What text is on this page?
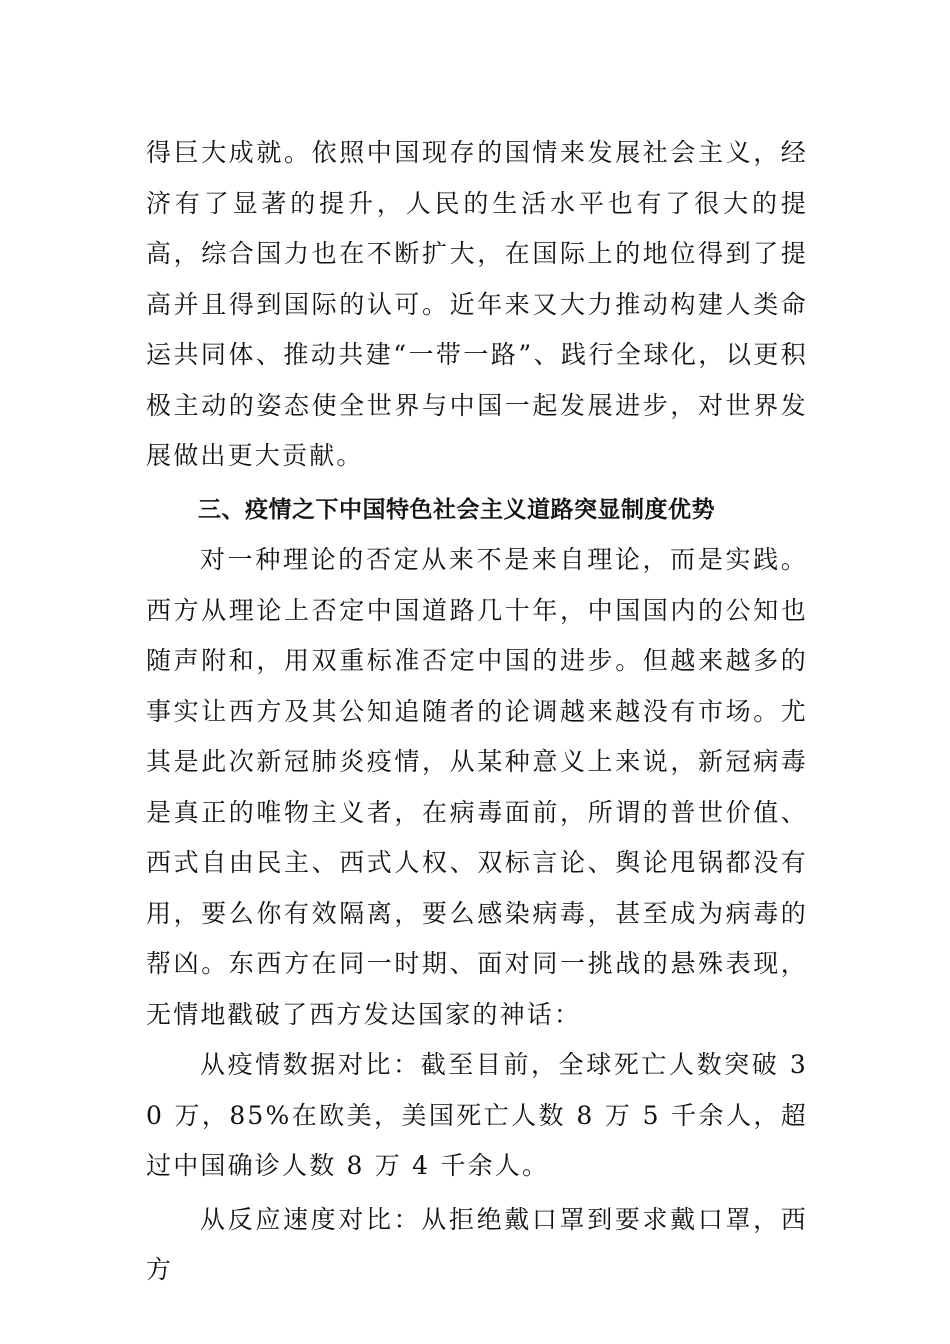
得巨大成就。依照中国现存的国情来发展社会主义，经济有了显著的提升，人民的生活水平也有了很大的提高，综合国力也在不断扩大，在国际上的地位得到了提高并且得到国际的认可。近年来又大力推动构建人类命运共同体、推动共建“一带一路”、践行全球化，以更积极主动的姿态使全世界与中国一起发展进步，对世界发展做出更大贡献。

三、疫情之下中国特色社会主义道路突显制度优势

对一种理论的否定从来不是来自理论，而是实践。西方从理论上否定中国道路几十年，中国国内的公知也随声附和，用双重标准否定中国的进步。但越来越多的事实让西方及其公知追随者的论调越来越没有市场。尤其是此次新冠肺炎疫情，从某种意义上来说，新冠病毒是真正的唯物主义者，在病毒面前，所谓的普世价值、西式自由民主、西式人权、双标言论、舆论甩锅都没有用，要么你有效隔离，要么感染病毒，甚至成为病毒的帮凶。东西方在同一时期、面对同一挑战的悬殊表现，无情地戳破了西方发达国家的神话：

从疫情数据对比：截至目前，全球死亡人数突破 30 万，85%在欧美，美国死亡人数 8 万 5 千余人，超过中国确诊人数 8 万 4 千余人。

从反应速度对比：从拒绝戴口罩到要求戴口罩，西方
